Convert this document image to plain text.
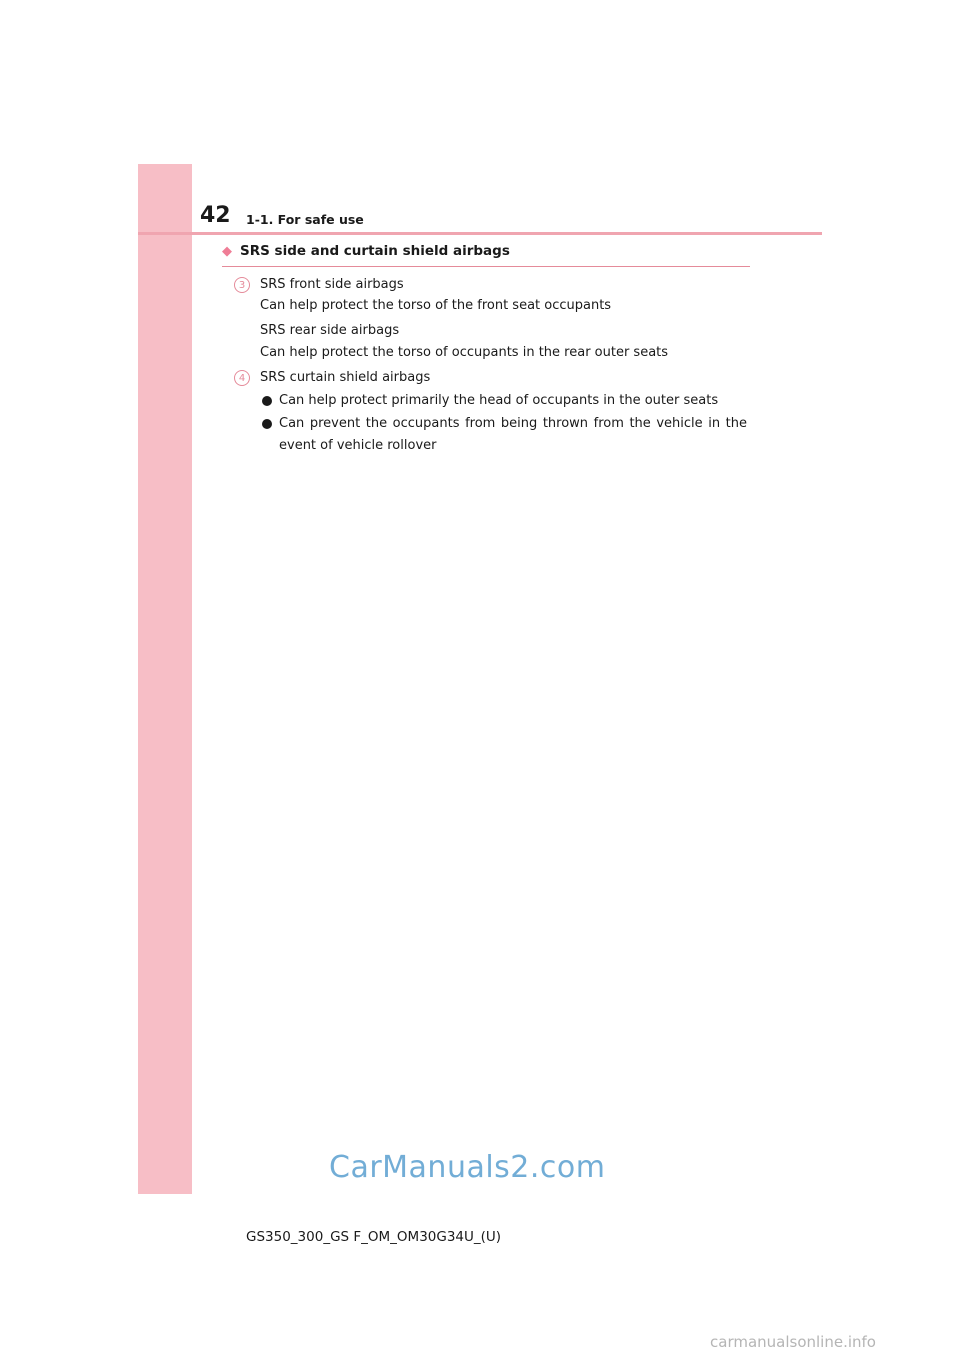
42 1-1. For safe use
◆ SRS side and curtain shield airbags
3	SRS front side airbags
Can help protect the torso of the front seat occupants
SRS rear side airbags
Can help protect the torso of occupants in the rear outer seats
4	SRS curtain shield airbags
Can help protect primarily the head of occupants in the outer seats
Can prevent the occupants from being thrown from the vehicle in the event of vehicle rollover
CarManuals2.com
GS350_300_GS F_OM_OM30G34U_(U)
carmanualsonline.info
